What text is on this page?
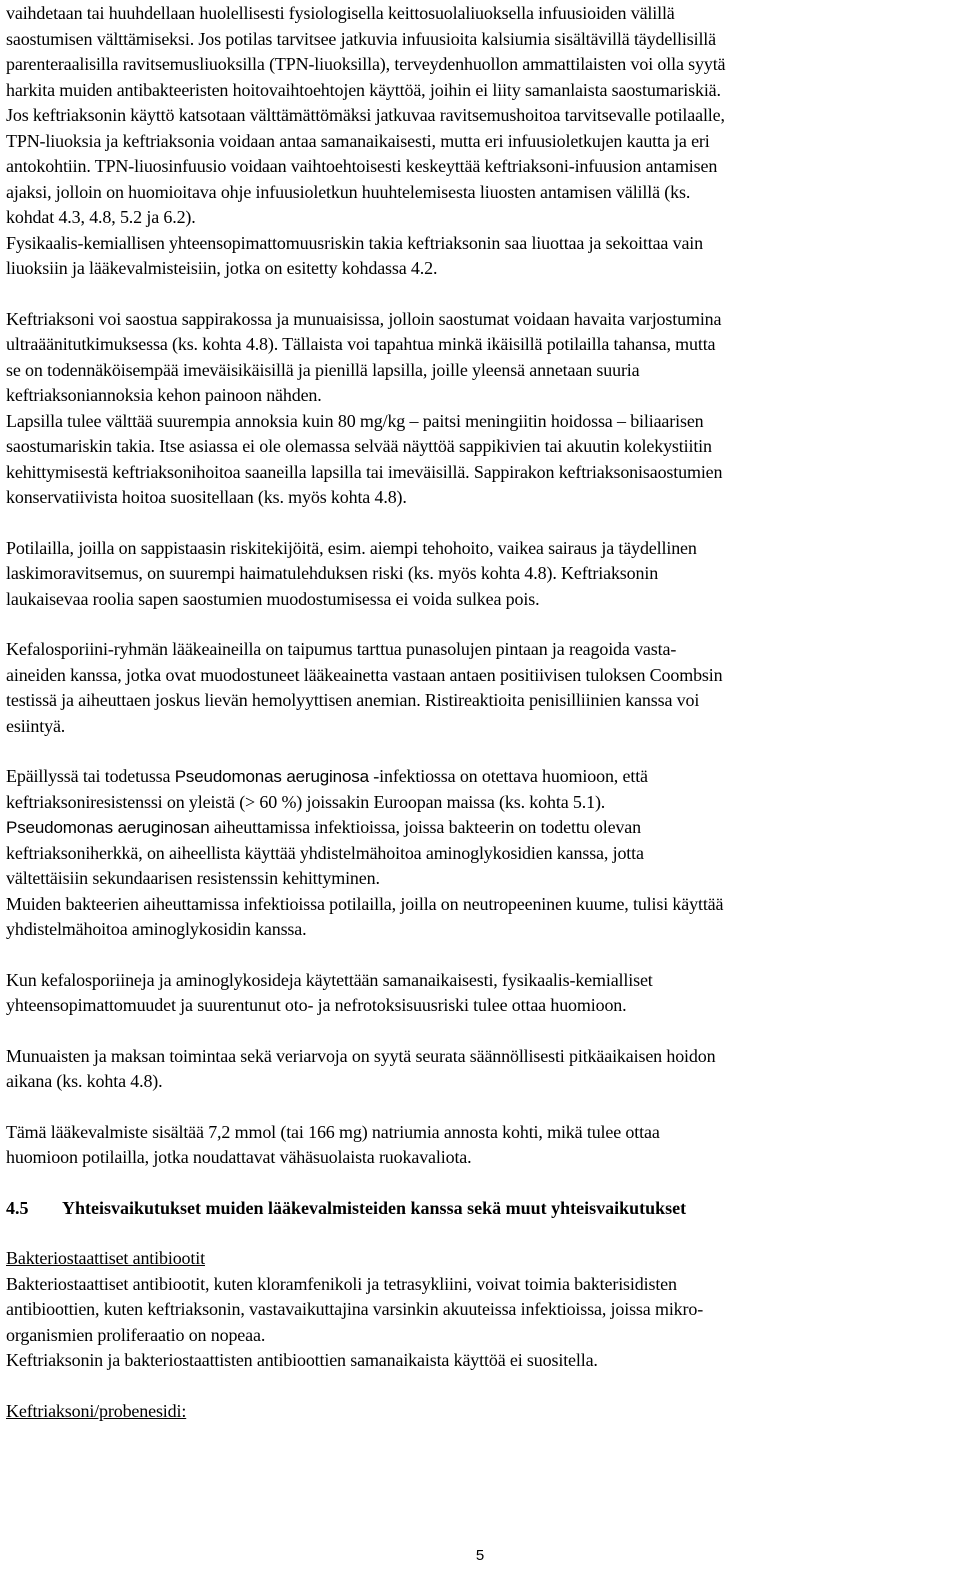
vaihdetaan tai huuhdellaan huolellisesti fysiologisella keittosuolaliuoksella infuusioiden välillä

saostumisen välttämiseksi. Jos potilas tarvitsee jatkuvia infuusioita kalsiumia sisältävillä täydellisillä

parenteraalisilla ravitsemusliuoksilla (TPN-liuoksilla), terveydenhuollon ammattilaisten voi olla syytä

harkita muiden antibakteeristen hoitovaihtoehtojen käyttöä, joihin ei liity samanlaista saostumariskiä.

Jos keftriaksonin käyttö katsotaan välttämättömäksi jatkuvaa ravitsemushoitoa tarvitsevalle potilaalle,

TPN-liuoksia ja keftriaksonia voidaan antaa samanaikaisesti, mutta eri infuusioletkujen kautta ja eri

antokohtiin. TPN-liuosinfuusio voidaan vaihtoehtoisesti keskeyttää keftriaksoni-infuusion antamisen

ajaksi, jolloin on huomioitava ohje infuusioletkun huuhtelemisesta liuosten antamisen välillä (ks.

kohdat 4.3, 4.8, 5.2 ja 6.2).

Fysikaalis-kemiallisen yhteensopimattomuusriskin takia keftriaksonin saa liuottaa ja sekoittaa vain

liuoksiin ja lääkevalmisteisiin, jotka on esitetty kohdassa 4.2.

Keftriaksoni voi saostua sappirakossa ja munuaisissa, jolloin saostumat voidaan havaita varjostumina

ultraäänitutkimuksessa (ks. kohta 4.8). Tällaista voi tapahtua minkä ikäisillä potilailla tahansa, mutta

se on todennäköisempää imeväisikäisillä ja pienillä lapsilla, joille yleensä annetaan suuria

keftriaksoniannoksia kehon painoon nähden.

Lapsilla tulee välttää suurempia annoksia kuin 80 mg/kg – paitsi meningiitin hoidossa – biliaarisen

saostumariskin takia. Itse asiassa ei ole olemassa selvää näyttöä sappikivien tai akuutin kolekystiitin

kehittymisestä keftriaksonihoitoa saaneilla lapsilla tai imeväisillä. Sappirakon keftriaksonisaostumien

konservatiivista hoitoa suositellaan (ks. myös kohta 4.8).

Potilailla, joilla on sappistaasin riskitekijöitä, esim. aiempi tehohoito, vaikea sairaus ja täydellinen

laskimoravitsemus, on suurempi haimatulehduksen riski (ks. myös kohta 4.8). Keftriaksonin

laukaisevaa roolia sapen saostumien muodostumisessa ei voida sulkea pois.

Kefalosporiini-ryhmän lääkeaineilla on taipumus tarttua punasolujen pintaan ja reagoida vasta-

aineiden kanssa, jotka ovat muodostuneet lääkeainetta vastaan antaen positiivisen tuloksen Coombsin

testissä ja aiheuttaen joskus lievän hemolyyttisen anemian. Ristireaktioita penisilliinien kanssa voi

esiintyä.

Epäillyssä tai todetussa Pseudomonas aeruginosa -infektiossa on otettava huomioon, että

keftriaksoniresistenssi on yleistä (> 60 %) joissakin Euroopan maissa (ks. kohta 5.1).

Pseudomonas aeruginosan aiheuttamissa infektioissa, joissa bakteerin on todettu olevan

keftriaksoniherkkä, on aiheellista käyttää yhdistelmähoitoa aminoglykosidien kanssa, jotta

vältettäisiin sekundaarisen resistenssin kehittyminen.

Muiden bakteerien aiheuttamissa infektioissa potilailla, joilla on neutropeeninen kuume, tulisi käyttää

yhdistelmähoitoa aminoglykosidin kanssa.

Kun kefalosporiineja ja aminoglykosideja käytettään samanaikaisesti, fysikaalis-kemialliset

yhteensopimattomuudet ja suurentunut oto- ja nefrotoksisuusriski tulee ottaa huomioon.

Munuaisten ja maksan toimintaa sekä veriarvoja on syytä seurata säännöllisesti pitkäaikaisen hoidon

aikana (ks. kohta 4.8).

Tämä lääkevalmiste sisältää 7,2 mmol (tai 166 mg) natriumia annosta kohti, mikä tulee ottaa

huomioon potilailla, jotka noudattavat vähäsuolaista ruokavaliota.

4.5	Yhteisvaikutukset muiden lääkevalmisteiden kanssa sekä muut yhteisvaikutukset

Bakteriostaattiset antibiootit

Bakteriostaattiset antibiootit, kuten kloramfenikoli ja tetrasykliini, voivat toimia bakterisidisten

antibioottien, kuten keftriaksonin, vastavaikuttajina varsinkin akuuteissa infektioissa, joissa mikro-

organismien proliferaatio on nopeaa.

Keftriaksonin ja bakteriostaattisten antibioottien samanaikaista käyttöä ei suositella.

Keftriaksoni/probenesidi:

5
